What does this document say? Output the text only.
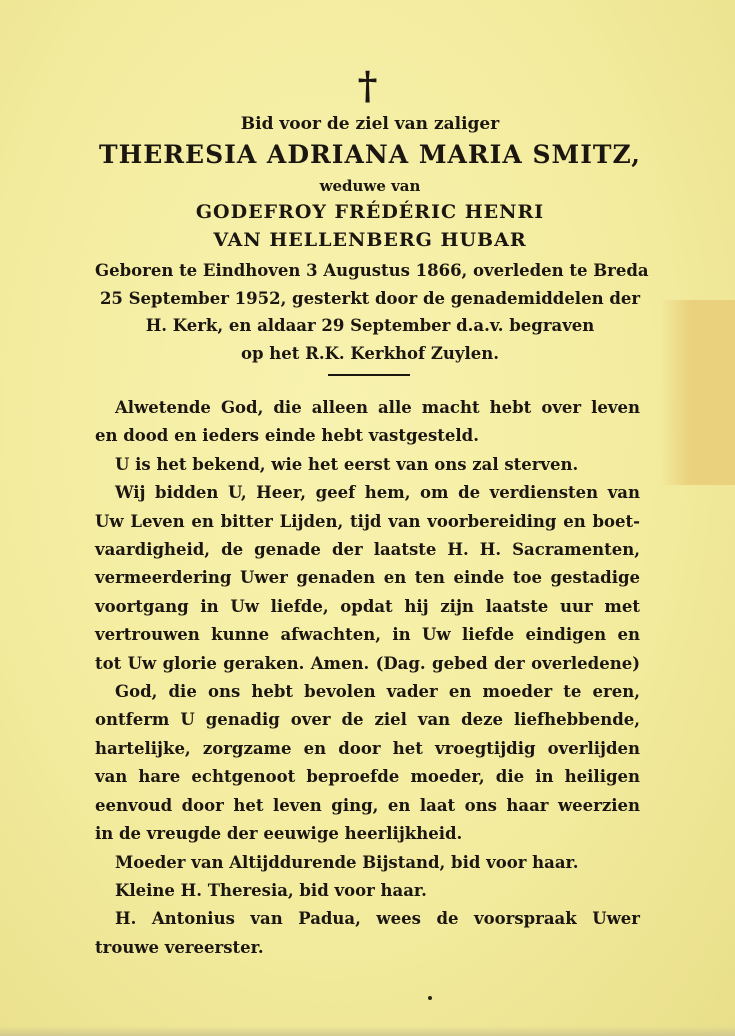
†
Bid voor de ziel van zaliger
THERESIA ADRIANA MARIA SMITZ,
weduwe van
GODEFROY FRÉDÉRIC HENRI
VAN HELLENBERG HUBAR
Geboren te Eindhoven 3 Augustus 1866, overleden te Breda
25 September 1952, gesterkt door de genademiddelen der
H. Kerk, en aldaar 29 September d.a.v. begraven
op het R.K. Kerkhof Zuylen.
Alwetende God, die alleen alle macht hebt over leven
en dood en ieders einde hebt vastgesteld.
U is het bekend, wie het eerst van ons zal sterven.
Wij bidden U, Heer, geef hem, om de verdiensten van
Uw Leven en bitter Lijden, tijd van voorbereiding en boet-
vaardigheid, de genade der laatste H. H. Sacramenten,
vermeerdering Uwer genaden en ten einde toe gestadige
voortgang in Uw liefde, opdat hij zijn laatste uur met
vertrouwen kunne afwachten, in Uw liefde eindigen en
tot Uw glorie geraken. Amen. (Dag. gebed der overledene)
God, die ons hebt bevolen vader en moeder te eren,
ontferm U genadig over de ziel van deze liefhebbende,
hartelijke, zorgzame en door het vroegtijdig overlijden
van hare echtgenoot beproefde moeder, die in heiligen
eenvoud door het leven ging, en laat ons haar weerzien
in de vreugde der eeuwige heerlijkheid.
Moeder van Altijddurende Bijstand, bid voor haar.
Kleine H. Theresia, bid voor haar.
H. Antonius van Padua, wees de voorspraak Uwer
trouwe vereerster.
